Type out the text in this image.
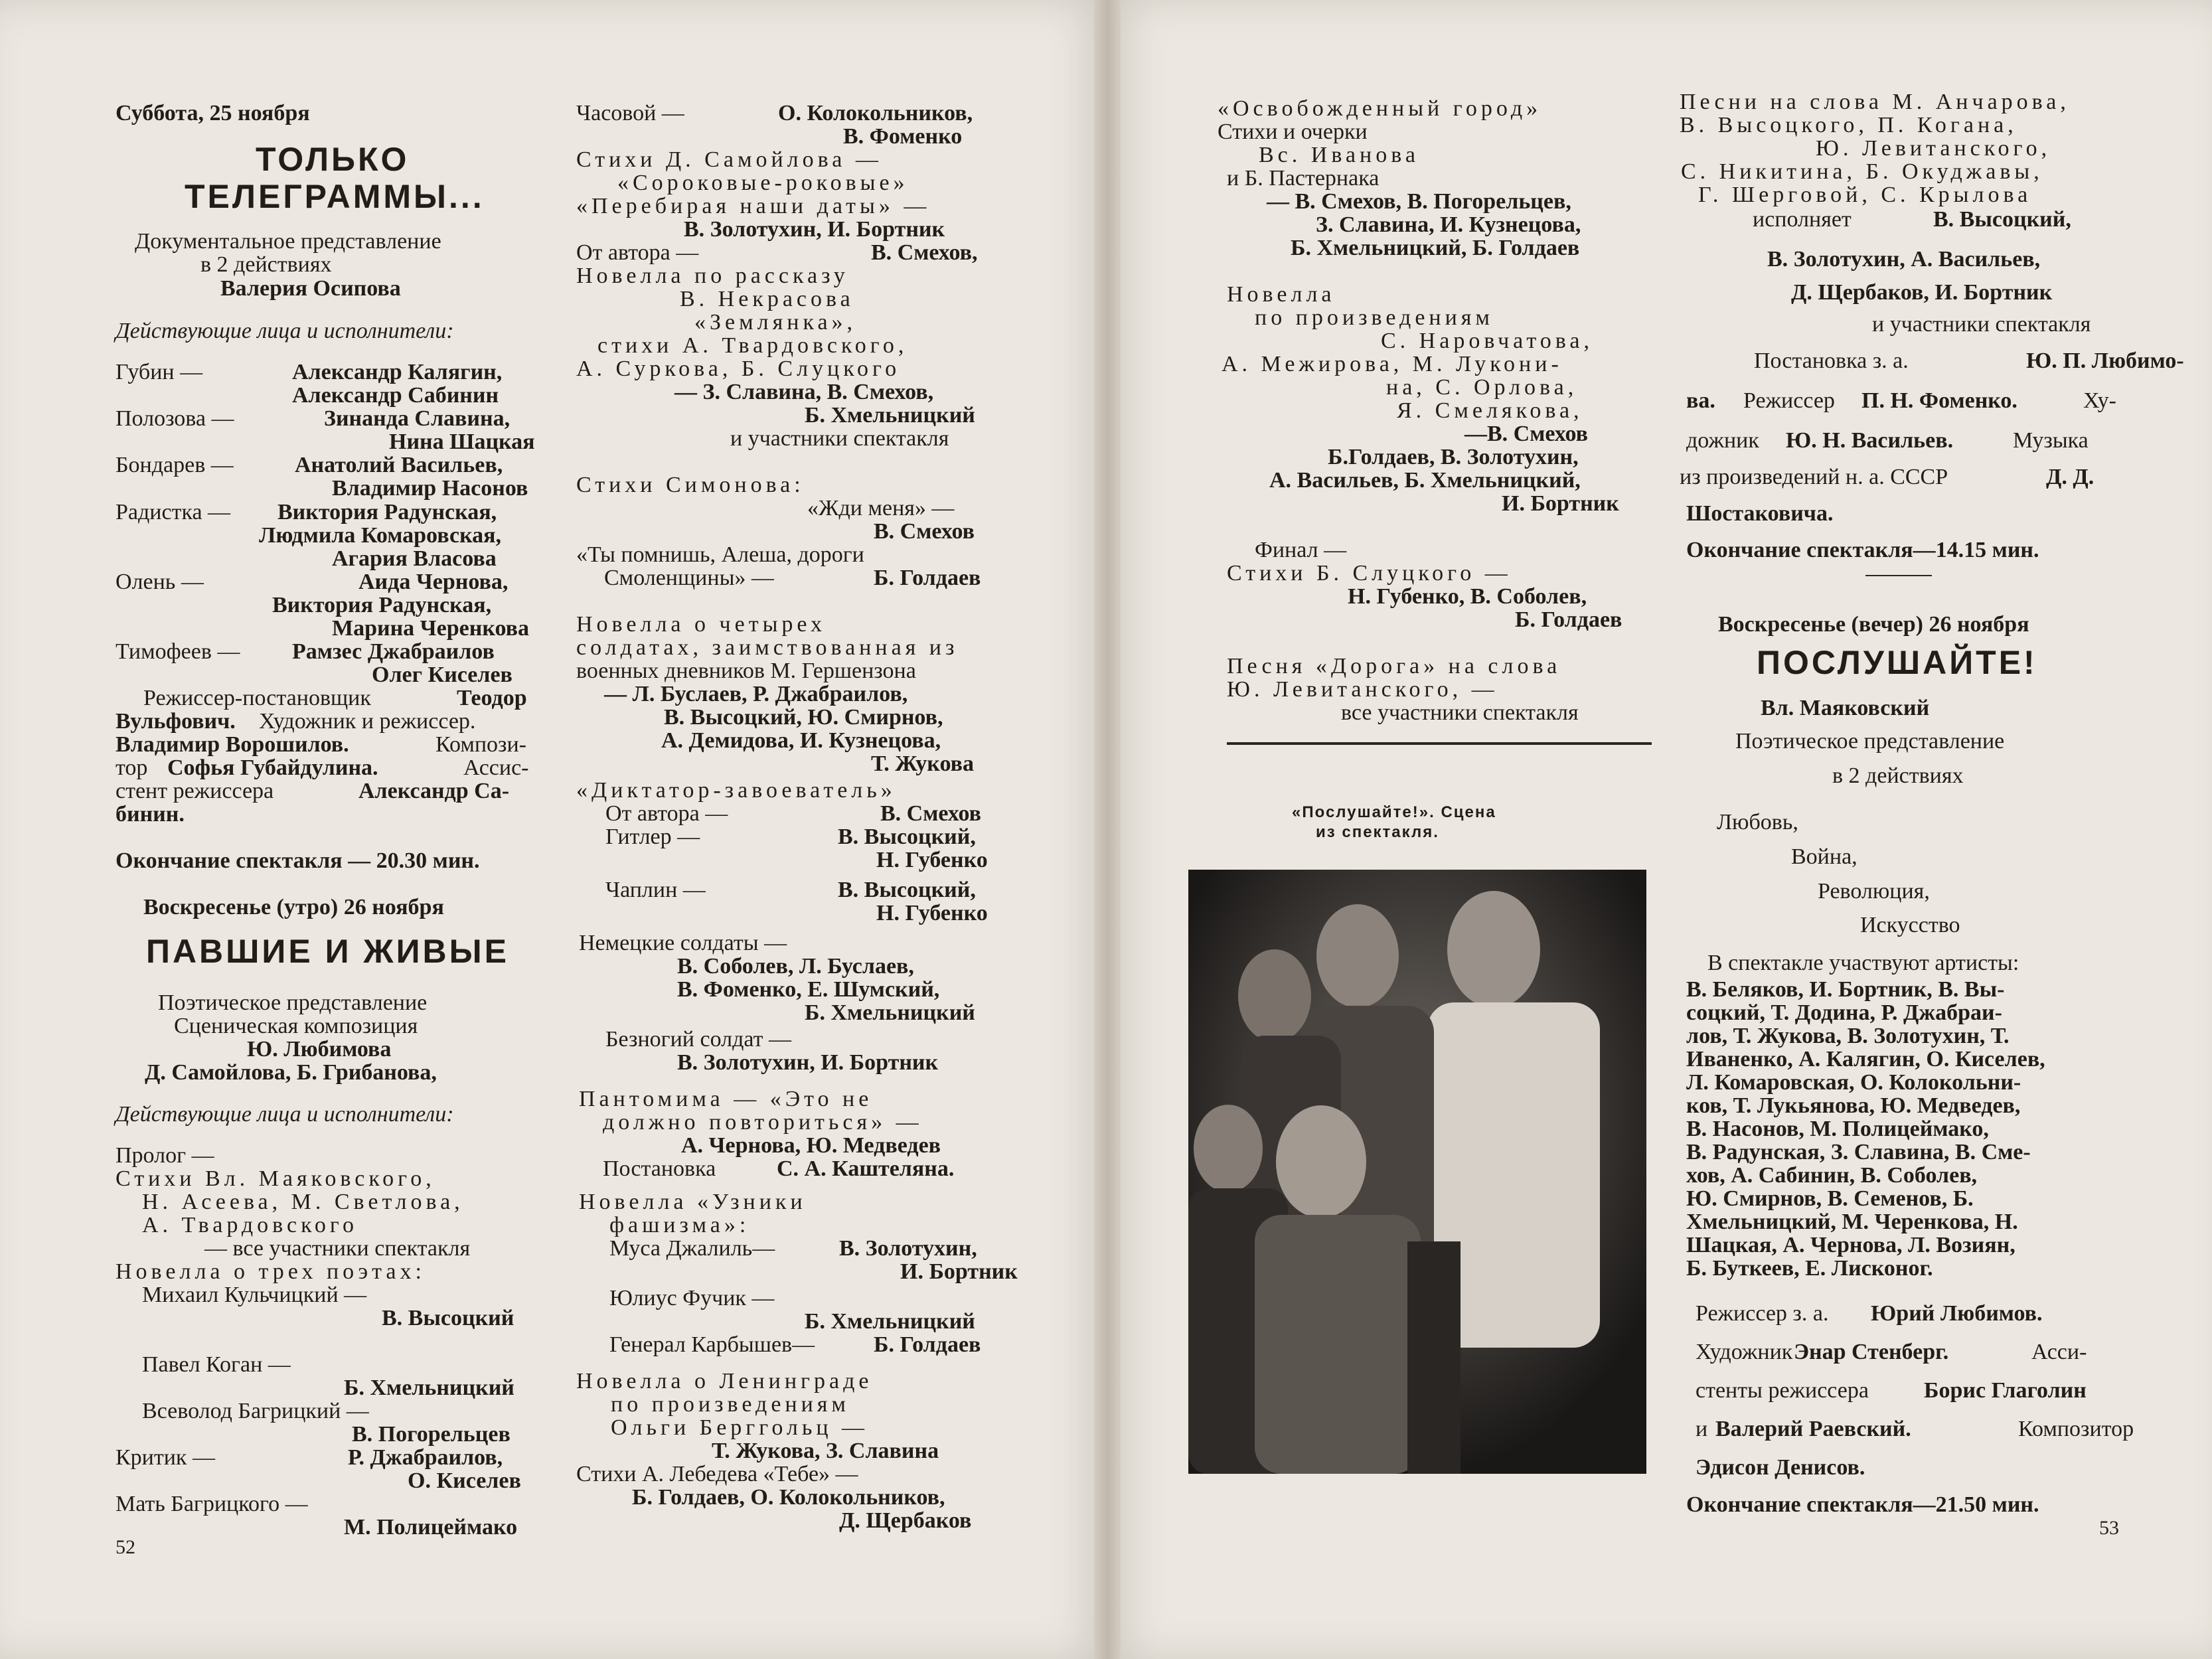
Суббота, 25 ноября
ТОЛЬКО
ТЕЛЕГРАММЫ...
Документальное представление
в 2 действиях
Валерия Осипова
Действующие лица и исполнители:
Губин —	Александр Калягин,
Александр Сабинин
Полозова —	Зинанда Славина,
Нина Шацкая
Бондарев —	Анатолий Васильев,
Владимир Насонов
Радистка — Виктория Радунская,
Людмила Комаровская,
Агария Власова
Олень —	Аида Чернова,
Виктория Радунская,
Марина Черенкова
Тимофеев — Рамзес Джабраилов
Олег Киселев
Режиссер-постановщик	Теодор
Вульфович. Художник и режиссер.
Владимир Ворошилов.	Компози-
тор Софья Губайдулина.	Ассис-
стент режиссера	Александр Са-
бинин.
Окончание спектакля — 20.30 мин.
Воскресенье (утро) 26 ноября
ПАВШИЕ И ЖИВЫЕ
Поэтическое представление
Сценическая композиция
Ю. Любимова
Д. Самойлова, Б. Грибанова,
Действующие лица и исполнители:
Пролог —
Стихи Вл. Маяковского,
Н. Асеева, М. Светлова,
А. Твардовского
— все участники спектакля
Новелла о трех поэтах:
Михаил Кульчицкий —
В. Высоцкий
Павел Коган —
Б. Хмельницкий
Всеволод Багрицкий —
В. Погорельцев
Критик —	Р. Джабраилов,
О. Киселев
Мать Багрицкого —
М. Полицеймако
Часовой —	О. Колокольников,
В. Фоменко
Стихи Д. Самойлова —
«Сороковые-роковые»
«Перебирая наши даты» —
В. Золотухин, И. Бортник
От автора —	В. Смехов,
Новелла по рассказу
В. Некрасова
«Землянка»,
стихи А. Твардовского,
А. Суркова, Б. Слуцкого
— З. Славина, В. Смехов,
Б. Хмельницкий
и участники спектакля
Стихи Симонова:
«Жди меня» —
В. Смехов
«Ты помнишь, Алеша, дороги
Смоленщины» —	Б. Голдаев
Новелла о четырех
солдатах, заимствованная из
военных дневников М. Гершензона
— Л. Буслаев, Р. Джабраилов,
В. Высоцкий, Ю. Смирнов,
А. Демидова, И. Кузнецова,
Т. Жукова
«Диктатор-завоеватель»
От автора —	В. Смехов
Гитлер —	В. Высоцкий,
Н. Губенко
Чаплин —	В. Высоцкий,
Н. Губенко
Немецкие солдаты —
В. Соболев, Л. Буслаев,
В. Фоменко, Е. Шумский,
Б. Хмельницкий
Безногий солдат —
В. Золотухин, И. Бортник
Пантомима — «Это не
должно повториться» —
А. Чернова, Ю. Медведев
Постановка	С. А. Каштеляна.
Новелла «Узники
фашизма»:
Муса Джалиль—	В. Золотухин,
И. Бортник
Юлиус Фучик —
Б. Хмельницкий
Генерал Карбышев—	Б. Голдаев
Новелла о Ленинграде
по произведениям
Ольги Берггольц —
Т. Жукова, З. Славина
Стихи А. Лебедева «Тебе» —
Б. Голдаев, О. Колокольников,
Д. Щербаков
«Освобожденный город»
Стихи и очерки
Вс. Иванова
и Б. Пастернака
— В. Смехов, В. Погорельцев,
З. Славина, И. Кузнецова,
Б. Хмельницкий, Б. Голдаев
Новелла
по произведениям
С. Наровчатова,
А. Межирова, М. Лукони-
на, С. Орлова,
Я. Смелякова,
—В. Смехов
Б.Голдаев, В. Золотухин,
А. Васильев, Б. Хмельницкий,
И. Бортник
Финал —
Стихи Б. Слуцкого —
Н. Губенко, В. Соболев,
Б. Голдаев
Песня «Дорога» на слова
Ю. Левитанского, —
все участники спектакля
Песни на слова М. Анчарова,
В. Высоцкого, П. Когана,
Ю. Левитанского,
С. Никитина, Б. Окуджавы,
Г. Шерговой, С. Крылова
исполняет	В. Высоцкий,
В. Золотухин, А. Васильев,
Д. Щербаков, И. Бортник
и участники спектакля
Постановка з. а.	Ю. П. Любимо-
ва. Режиссер П. Н. Фоменко.	Ху-
дожник Ю. Н. Васильев.	Музыка
из произведений н. а. СССР	Д. Д.
Шостаковича.
Окончание спектакля—14.15 мин.
Воскресенье (вечер) 26 ноября
ПОСЛУШАЙТЕ!
Вл. Маяковский
Поэтическое представление
в 2 действиях
Любовь,
Война,
Революция,
Искусство
В спектакле участвуют артисты:
В. Беляков, И. Бортник, В. Вы-
соцкий, Т. Додина, Р. Джабраи-
лов, Т. Жукова, В. Золотухин, Т.
Иваненко, А. Калягин, О. Киселев,
Л. Комаровская, О. Колокольни-
ков, Т. Лукьянова, Ю. Медведев,
В. Насонов, М. Полицеймако,
В. Радунская, З. Славина, В. Сме-
хов, А. Сабинин, В. Соболев,
Ю. Смирнов, В. Семенов, Б.
Хмельницкий, М. Черенкова, Н.
Шацкая, А. Чернова, Л. Возиян,
Б. Буткеев, Е. Лисконог.
Режиссер з. а. Юрий Любимов.
Художник Энар Стенберг.	Асси-
стенты режиссера Борис Глаголин
и Валерий Раевский.	Композитор
Эдисон Денисов.
Окончание спектакля—21.50 мин.
«Послушайте!». Сцена
из спектакля.
52
53
